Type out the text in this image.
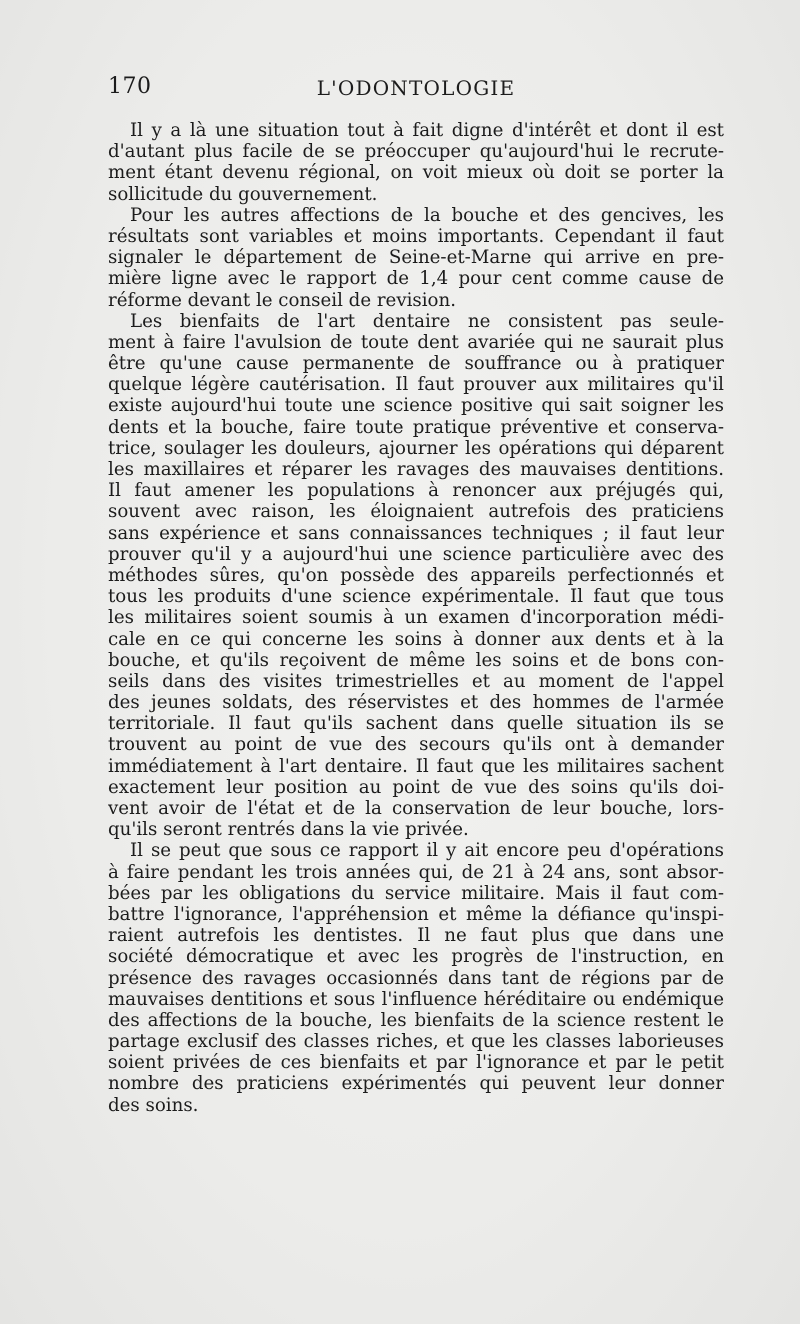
170	L'ODONTOLOGIE
Il y a là une situation tout à fait digne d'intérêt et dont il est
d'autant plus facile de se préoccuper qu'aujourd'hui le recrute-
ment étant devenu régional, on voit mieux où doit se porter la
sollicitude du gouvernement.
Pour les autres affections de la bouche et des gencives, les
résultats sont variables et moins importants. Cependant il faut
signaler le département de Seine-et-Marne qui arrive en pre-
mière ligne avec le rapport de 1,4 pour cent comme cause de
réforme devant le conseil de revision.
Les bienfaits de l'art dentaire ne consistent pas seule-
ment à faire l'avulsion de toute dent avariée qui ne saurait plus
être qu'une cause permanente de souffrance ou à pratiquer
quelque légère cautérisation. Il faut prouver aux militaires qu'il
existe aujourd'hui toute une science positive qui sait soigner les
dents et la bouche, faire toute pratique préventive et conserva-
trice, soulager les douleurs, ajourner les opérations qui déparent
les maxillaires et réparer les ravages des mauvaises dentitions.
Il faut amener les populations à renoncer aux préjugés qui,
souvent avec raison, les éloignaient autrefois des praticiens
sans expérience et sans connaissances techniques ; il faut leur
prouver qu'il y a aujourd'hui une science particulière avec des
méthodes sûres, qu'on possède des appareils perfectionnés et
tous les produits d'une science expérimentale. Il faut que tous
les militaires soient soumis à un examen d'incorporation médi-
cale en ce qui concerne les soins à donner aux dents et à la
bouche, et qu'ils reçoivent de même les soins et de bons con-
seils dans des visites trimestrielles et au moment de l'appel
des jeunes soldats, des réservistes et des hommes de l'armée
territoriale. Il faut qu'ils sachent dans quelle situation ils se
trouvent au point de vue des secours qu'ils ont à demander
immédiatement à l'art dentaire. Il faut que les militaires sachent
exactement leur position au point de vue des soins qu'ils doi-
vent avoir de l'état et de la conservation de leur bouche, lors-
qu'ils seront rentrés dans la vie privée.
Il se peut que sous ce rapport il y ait encore peu d'opérations
à faire pendant les trois années qui, de 21 à 24 ans, sont absor-
bées par les obligations du service militaire. Mais il faut com-
battre l'ignorance, l'appréhension et même la défiance qu'inspi-
raient autrefois les dentistes. Il ne faut plus que dans une
société démocratique et avec les progrès de l'instruction, en
présence des ravages occasionnés dans tant de régions par de
mauvaises dentitions et sous l'influence héréditaire ou endémique
des affections de la bouche, les bienfaits de la science restent le
partage exclusif des classes riches, et que les classes laborieuses
soient privées de ces bienfaits et par l'ignorance et par le petit
nombre des praticiens expérimentés qui peuvent leur donner
des soins.
